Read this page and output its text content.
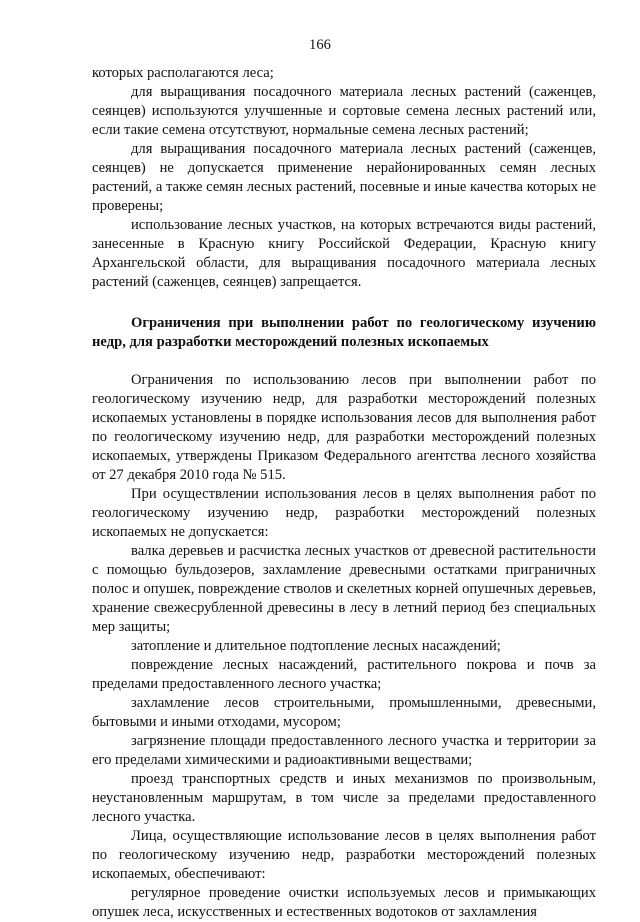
166

которых располагаются леса;

для выращивания посадочного материала лесных растений (саженцев, сеянцев) используются улучшенные и сортовые семена лесных растений или, если такие семена отсутствуют, нормальные семена лесных растений;

для выращивания посадочного материала лесных растений (саженцев, сеянцев) не допускается применение нерайонированных семян лесных растений, а также семян лесных растений, посевные и иные качества которых не проверены;

использование лесных участков, на которых встречаются виды растений, занесенные в Красную книгу Российской Федерации, Красную книгу Архангельской области, для выращивания посадочного материала лесных растений (саженцев, сеянцев) запрещается.

Ограничения при выполнении работ по геологическому изучению недр, для разработки месторождений полезных ископаемых

Ограничения по использованию лесов при выполнении работ по геологическому изучению недр, для разработки месторождений полезных ископаемых установлены в порядке использования лесов для выполнения работ по геологическому изучению недр, для разработки месторождений полезных ископаемых, утверждены Приказом Федерального агентства лесного хозяйства от 27 декабря 2010 года № 515.

При осуществлении использования лесов в целях выполнения работ по геологическому изучению недр, разработки месторождений полезных ископаемых не допускается:

валка деревьев и расчистка лесных участков от древесной растительности с помощью бульдозеров, захламление древесными остатками приграничных полос и опушек, повреждение стволов и скелетных корней опушечных деревьев, хранение свежесрубленной древесины в лесу в летний период без специальных мер защиты;

затопление и длительное подтопление лесных насаждений;

повреждение лесных насаждений, растительного покрова и почв за пределами предоставленного лесного участка;

захламление лесов строительными, промышленными, древесными, бытовыми и иными отходами, мусором;

загрязнение площади предоставленного лесного участка и территории за его пределами химическими и радиоактивными веществами;

проезд транспортных средств и иных механизмов по произвольным, неустановленным маршрутам, в том числе за пределами предоставленного лесного участка.

Лица, осуществляющие использование лесов в целях выполнения работ по геологическому изучению недр, разработки месторождений полезных ископаемых, обеспечивают:

регулярное проведение очистки используемых лесов и примыкающих опушек леса, искусственных и естественных водотоков от захламления
